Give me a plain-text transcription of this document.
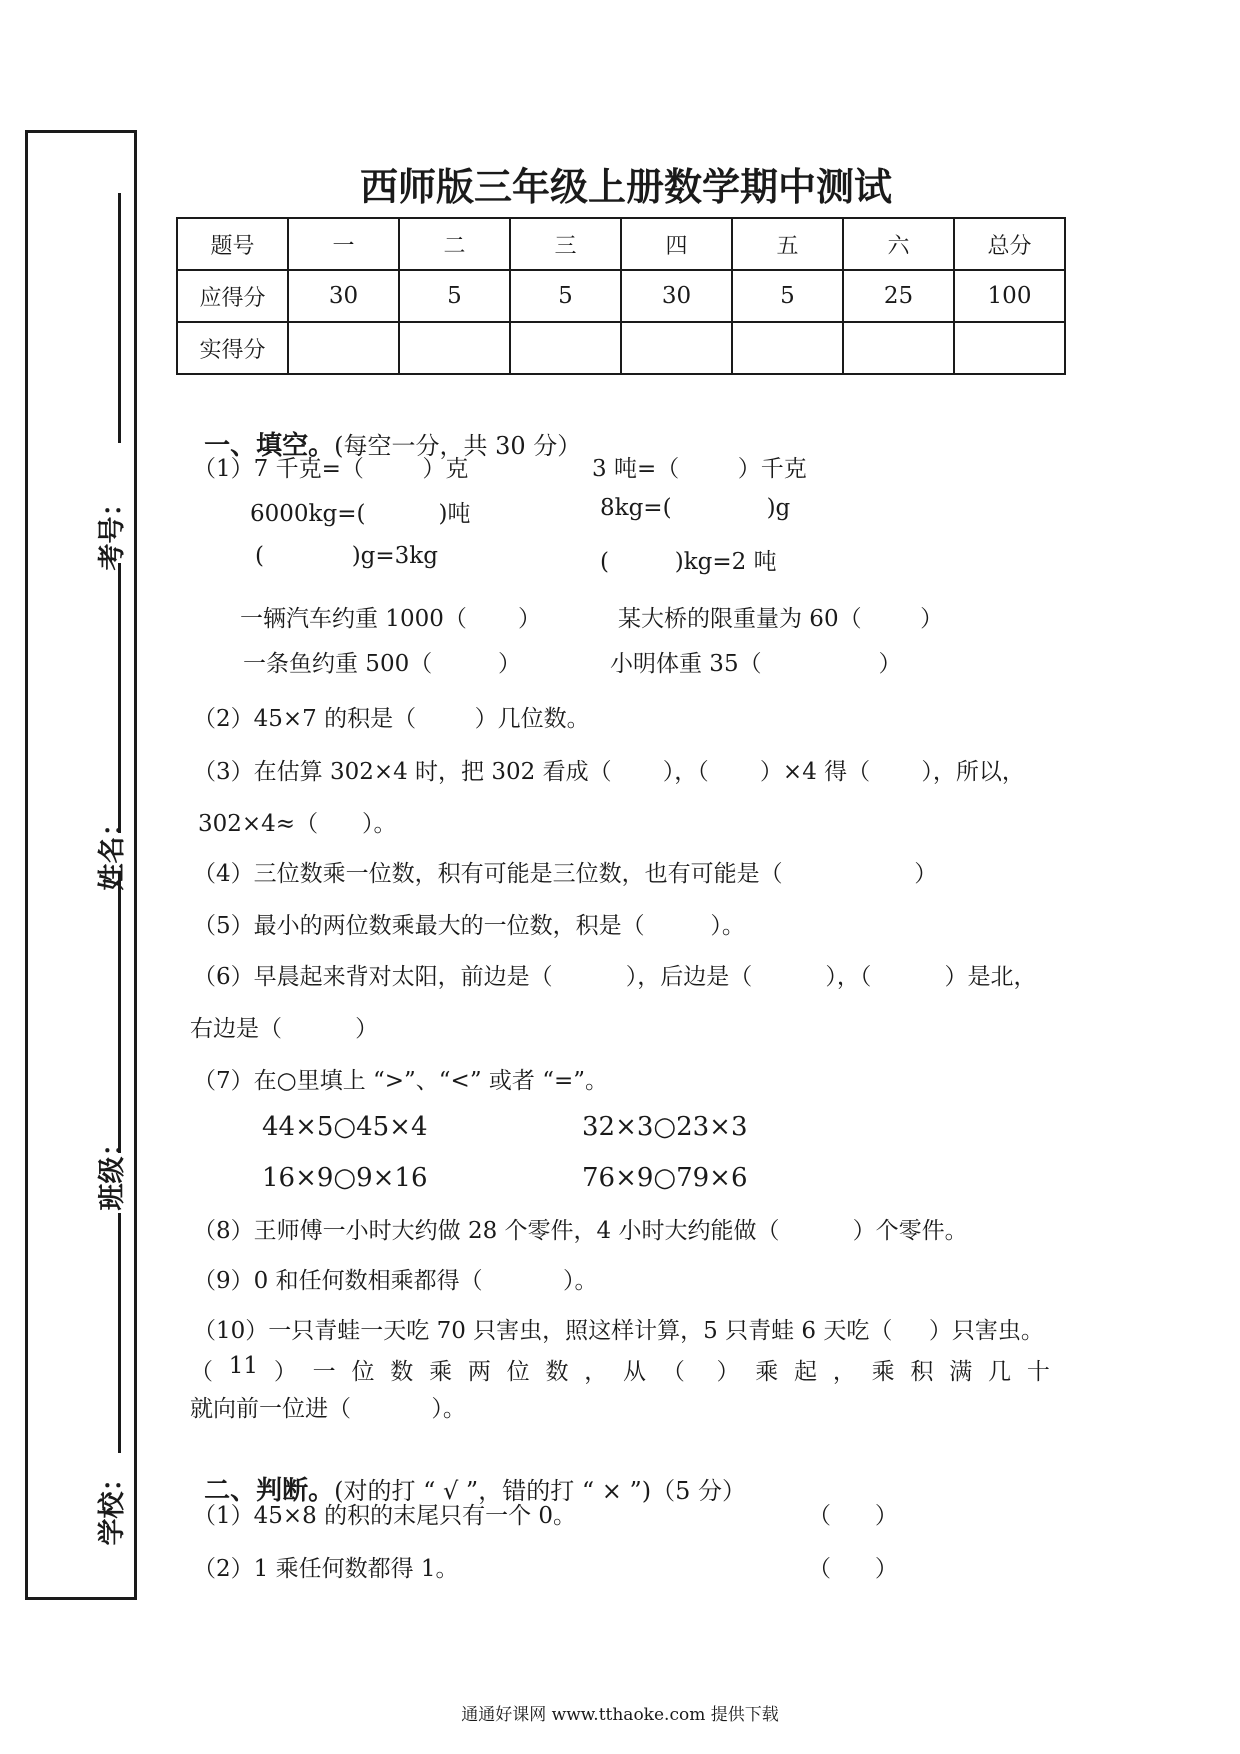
考号：
姓名：
班级：
学校：
西师版三年级上册数学期中测试
题号	一	二	三	四	五	六	总分
应得分	30	5	5	30	5	25	100
实得分							

一、填空。(每空一分，共 30 分）

（1）7 千克=（        ）克	3 吨=（        ）千克
6000kg=(          )吨	8kg=(             )g
(            )g=3kg	(         )kg=2 吨
一辆汽车约重 1000（       ）	某大桥的限重量为 60（        ）
一条鱼约重 500（         ）	小明体重 35（                ）
（2）45×7 的积是（        ）几位数。
（3）在估算 302×4 时，把 302 看成（       ），（       ）×4 得（       ），所以，
302×4≈（      ）。
（4）三位数乘一位数，积有可能是三位数，也有可能是（                  ）
（5）最小的两位数乘最大的一位数，积是（         ）。
（6）早晨起来背对太阳，前边是（          ），后边是（          ），（          ）是北，
右边是（          ）
（7）在○里填上 “>”、“<” 或者 “=”。
44×5○45×4	32×3○23×3
16×9○9×16	76×9○79×6
（8）王师傅一小时大约做 28 个零件，4 小时大约能做（          ）个零件。
（9）0 和任何数相乘都得（           ）。
（10）一只青蛙一天吃 70 只害虫，照这样计算，5 只青蛙 6 天吃（     ）只害虫。
（ 11 ） 一 位 数 乘 两 位 数 ， 从 （ ） 乘 起 ， 乘 积 满 几 十
就向前一位进（           ）。

二、判断。(对的打 “ √ ”，错的打 “ × ”)（5 分）

（1）45×8 的积的末尾只有一个 0。	（      ）
（2）1 乘任何数都得 1。	（      ）
通通好课网 www.tthaoke.com 提供下载
